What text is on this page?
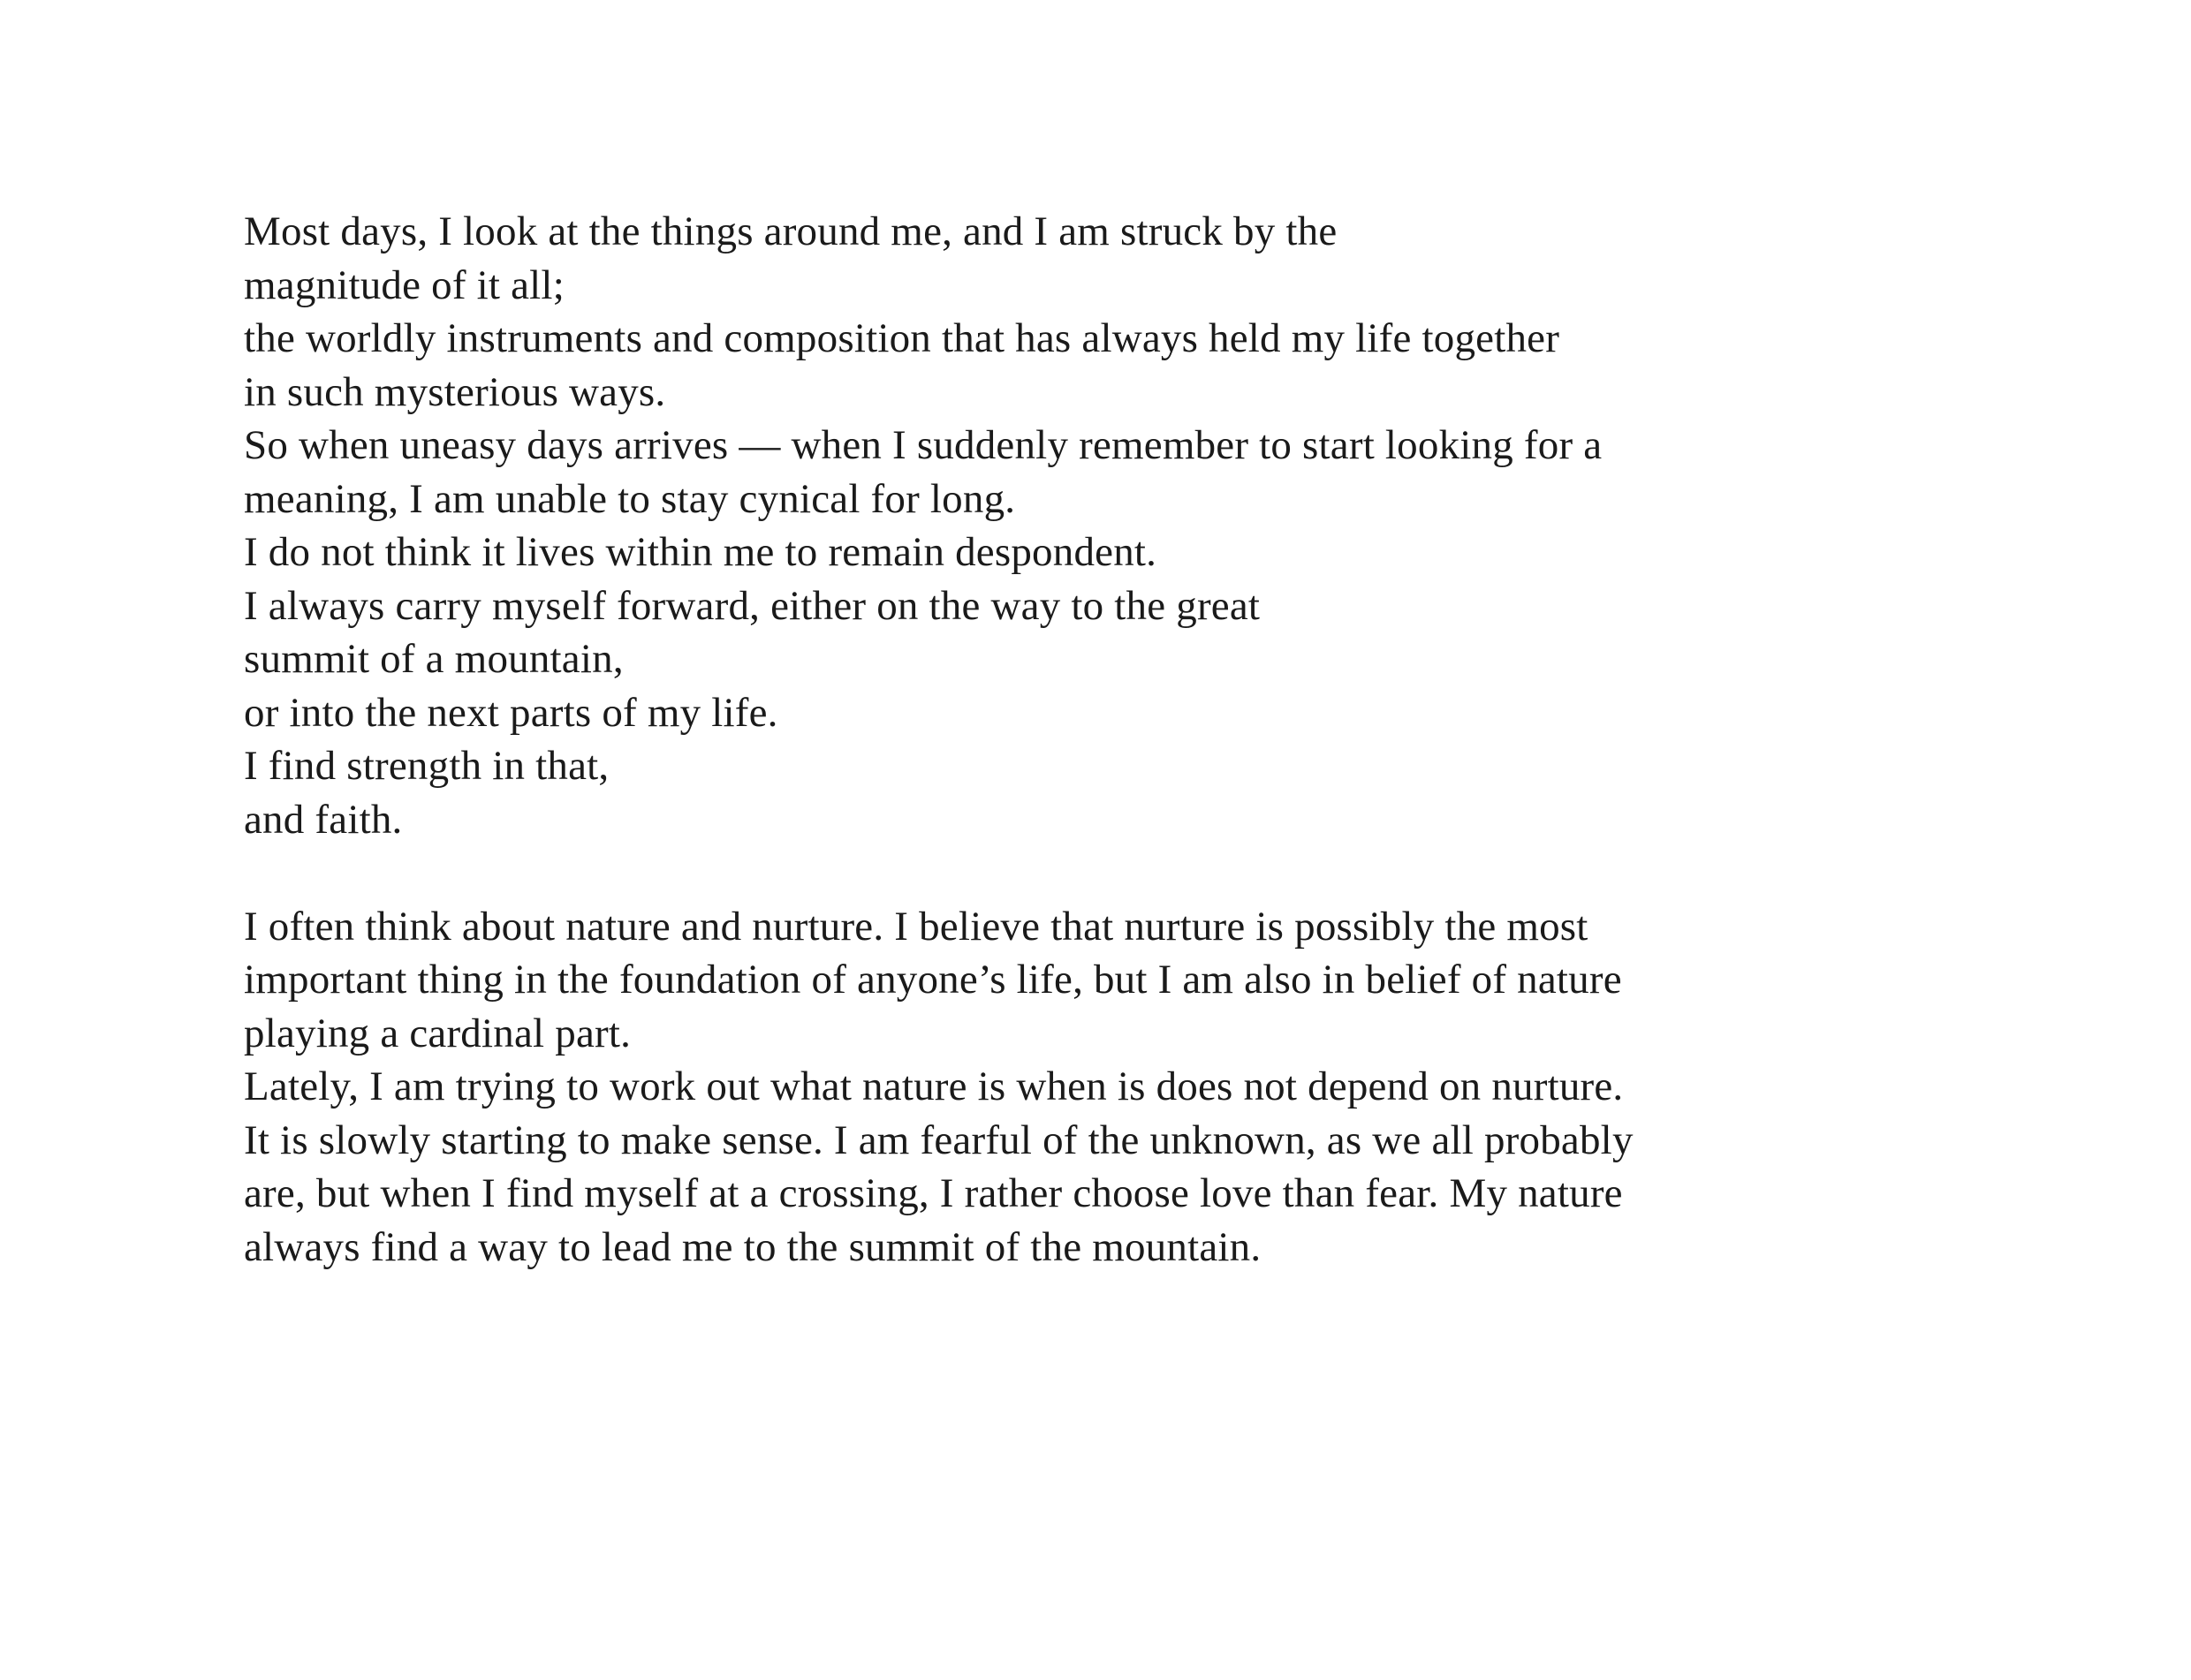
Most days, I look at the things around me, and I am struck by the
magnitude of it all;
the worldly instruments and composition that has always held my life together
in such mysterious ways.
So when uneasy days arrives — when I suddenly remember to start looking for a
meaning, I am unable to stay cynical for long.
I do not think it lives within me to remain despondent.
I always carry myself forward, either on the way to the great
summit of a mountain,
or into the next parts of my life.
I find strength in that,
and faith.
I often think about nature and nurture. I believe that nurture is possibly the most
important thing in the foundation of anyone’s life, but I am also in belief of nature
playing a cardinal part.
Lately, I am trying to work out what nature is when is does not depend on nurture.
It is slowly starting to make sense. I am fearful of the unknown, as we all probably
are, but when I find myself at a crossing, I rather choose love than fear. My nature
always find a way to lead me to the summit of the mountain.
